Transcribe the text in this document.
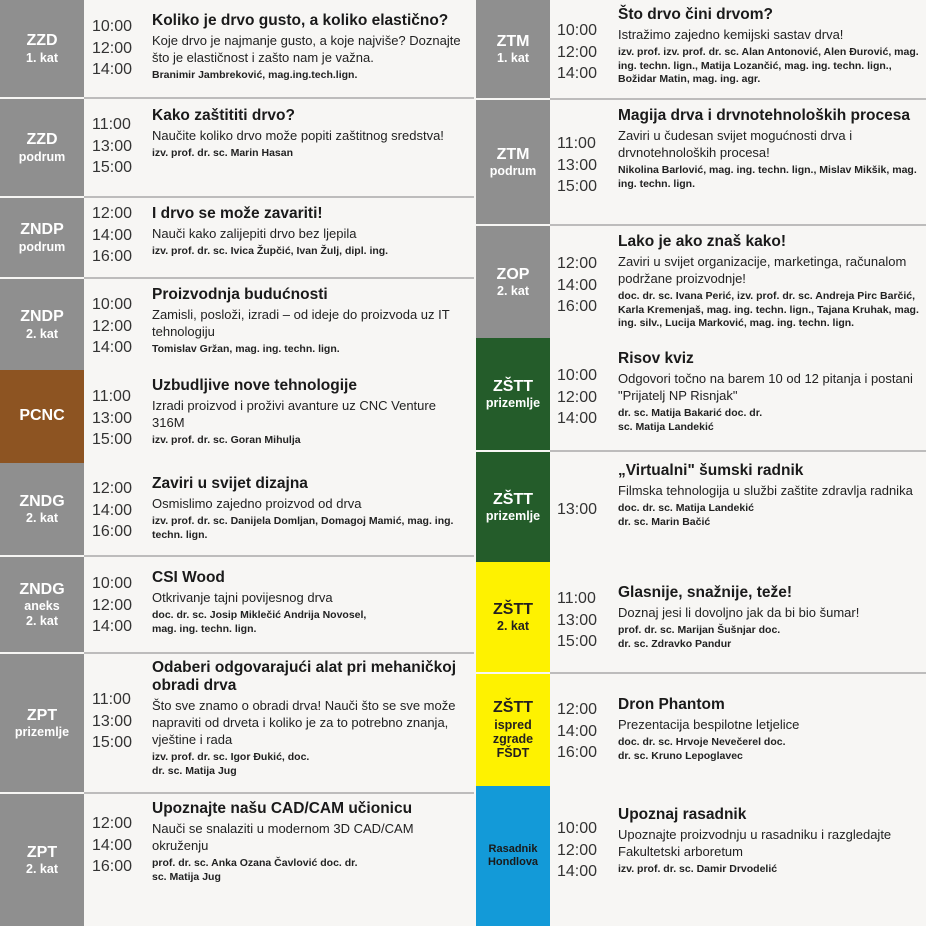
ZZD
1. kat
10:00
12:00
14:00
Koliko je drvo gusto, a koliko elastično?
Koje drvo je najmanje gusto, a koje najviše? Doznajte što je elastičnost i zašto nam je važna.
Branimir Jambreković, mag.ing.tech.lign.
ZZD
podrum
11:00
13:00
15:00
Kako zaštititi drvo?
Naučite koliko drvo može popiti zaštitnog sredstva!
izv. prof. dr. sc. Marin Hasan
ZNDP
podrum
12:00
14:00
16:00
I drvo se može zavariti!
Nauči kako zalijepiti drvo bez ljepila
izv. prof. dr. sc. Ivica Župčić, Ivan Žulj, dipl. ing.
ZNDP
2. kat
10:00
12:00
14:00
Proizvodnja budućnosti
Zamisli, posloži, izradi – od ideje do proizvoda uz IT tehnologiju
Tomislav Gržan, mag. ing. techn. lign.
PCNC
11:00
13:00
15:00
Uzbudljive nove tehnologije
Izradi proizvod i proživi avanture uz CNC Venture 316M
izv. prof. dr. sc. Goran Mihulja
ZNDG
2. kat
12:00
14:00
16:00
Zaviri u svijet dizajna
Osmislimo zajedno proizvod od drva
izv. prof. dr. sc. Danijela Domljan, Domagoj Mamić, mag. ing. techn. lign.
ZNDG
aneks 2. kat
10:00
12:00
14:00
CSI Wood
Otkrivanje tajni povijesnog drva
doc. dr. sc. Josip Miklečić Andrija Novosel, mag. ing. techn. lign.
ZPT
prizemlje
11:00
13:00
15:00
Odaberi odgovarajući alat pri mehaničkoj obradi drva
Što sve znamo o obradi drva! Nauči što se sve može napraviti od drveta i koliko je za to potrebno znanja, vještine i rada
izv. prof. dr. sc. Igor Đukić, doc. dr. sc. Matija Jug
ZPT
2. kat
12:00
14:00
16:00
Upoznajte našu CAD/CAM učionicu
Nauči se snalaziti u modernom 3D CAD/CAM okruženju
prof. dr. sc. Anka Ozana Čavlović doc. dr. sc. Matija Jug
ZTM
1. kat
10:00
12:00
14:00
Što drvo čini drvom?
Istražimo zajedno kemijski sastav drva!
izv. prof. izv. prof. dr. sc. Alan Antonović, Alen Đurović, mag. ing. techn. lign., Matija Lozančić, mag. ing. techn. lign., Božidar Matin, mag. ing. agr.
ZTM
podrum
11:00
13:00
15:00
Magija drva i drvnotehnoloških procesa
Zaviri u čudesan svijet mogućnosti drva i drvnotehnoloških procesa!
Nikolina Barlović, mag. ing. techn. lign., Mislav Mikšik, mag. ing. techn. lign.
ZOP
2. kat
12:00
14:00
16:00
Lako je ako znaš kako!
Zaviri u svijet organizacije, marketinga, računalom podržane proizvodnje!
doc. dr. sc. Ivana Perić, izv. prof. dr. sc. Andreja Pirc Barčić, Karla Kremenjaš, mag. ing. techn. lign., Tajana Kruhak, mag. ing. silv., Lucija Marković, mag. ing. techn. lign.
ZŠTT
prizemlje
10:00
12:00
14:00
Risov kviz
Odgovori točno na barem 10 od 12 pitanja i postani "Prijatelj NP Risnjak"
dr. sc. Matija Bakarić doc. dr. sc. Matija Landekić
ZŠTT
prizemlje 13:00
„Virtualni" šumski radnik
Filmska tehnologija u službi zaštite zdravlja radnika
doc. dr. sc. Matija Landekić dr. sc. Marin Bačić
ZŠTT
2. kat
11:00
13:00
15:00
Glasnije, snažnije, teže!
Doznaj jesi li dovoljno jak da bi bio šumar!
prof. dr. sc. Marijan Šušnjar doc. dr. sc. Zdravko Pandur
ZŠTT
ispred zgrade FŠDT
12:00
14:00
16:00
Dron Phantom
Prezentacija bespilotne letjelice
doc. dr. sc. Hrvoje Nevečerel doc. dr. sc. Kruno Lepoglavec
Rasadnik Hondlova
10:00
12:00
14:00
Upoznaj rasadnik
Upoznajte proizvodnju u rasadniku i razgledajte Fakultetski arboretum
izv. prof. dr. sc. Damir Drvodelić
